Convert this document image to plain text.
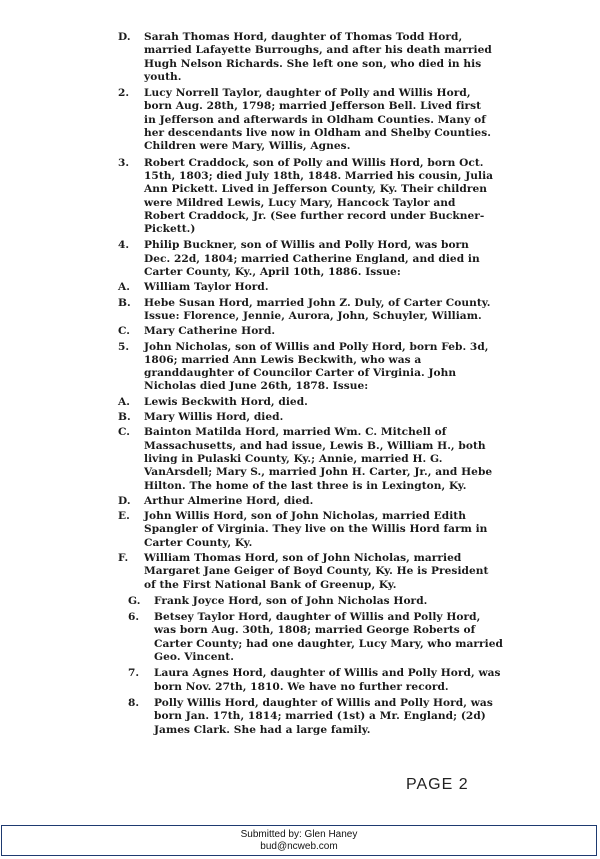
D. Sarah Thomas Hord, daughter of Thomas Todd Hord, married Lafayette Burroughs, and after his death married Hugh Nelson Richards. She left one son, who died in his youth.
2. Lucy Norrell Taylor, daughter of Polly and Willis Hord, born Aug. 28th, 1798; married Jefferson Bell. Lived first in Jefferson and afterwards in Oldham Counties. Many of her descendants live now in Oldham and Shelby Counties. Children were Mary, Willis, Agnes.
3. Robert Craddock, son of Polly and Willis Hord, born Oct. 15th, 1803; died July 18th, 1848. Married his cousin, Julia Ann Pickett. Lived in Jefferson County, Ky. Their children were Mildred Lewis, Lucy Mary, Hancock Taylor and Robert Craddock, Jr. (See further record under Buckner-Pickett.)
4. Philip Buckner, son of Willis and Polly Hord, was born Dec. 22d, 1804; married Catherine England, and died in Carter County, Ky., April 10th, 1886. Issue:
A. William Taylor Hord.
B. Hebe Susan Hord, married John Z. Duly, of Carter County. Issue: Florence, Jennie, Aurora, John, Schuyler, William.
C. Mary Catherine Hord.
5. John Nicholas, son of Willis and Polly Hord, born Feb. 3d, 1806; married Ann Lewis Beckwith, who was a granddaughter of Councilor Carter of Virginia. John Nicholas died June 26th, 1878. Issue:
A. Lewis Beckwith Hord, died.
B. Mary Willis Hord, died.
C. Bainton Matilda Hord, married Wm. C. Mitchell of Massachusetts, and had issue, Lewis B., William H., both living in Pulaski County, Ky.; Annie, married H. G. VanArsdell; Mary S., married John H. Carter, Jr., and Hebe Hilton. The home of the last three is in Lexington, Ky.
D. Arthur Almerine Hord, died.
E. John Willis Hord, son of John Nicholas, married Edith Spangler of Virginia. They live on the Willis Hord farm in Carter County, Ky.
F. William Thomas Hord, son of John Nicholas, married Margaret Jane Geiger of Boyd County, Ky. He is President of the First National Bank of Greenup, Ky.
G. Frank Joyce Hord, son of John Nicholas Hord.
6. Betsey Taylor Hord, daughter of Willis and Polly Hord, was born Aug. 30th, 1808; married George Roberts of Carter County; had one daughter, Lucy Mary, who married Geo. Vincent.
7. Laura Agnes Hord, daughter of Willis and Polly Hord, was born Nov. 27th, 1810. We have no further record.
8. Polly Willis Hord, daughter of Willis and Polly Hord, was born Jan. 17th, 1814; married (1st) a Mr. England; (2d) James Clark. She had a large family.
PAGE 2
Submitted by: Glen Haney
bud@ncweb.com
